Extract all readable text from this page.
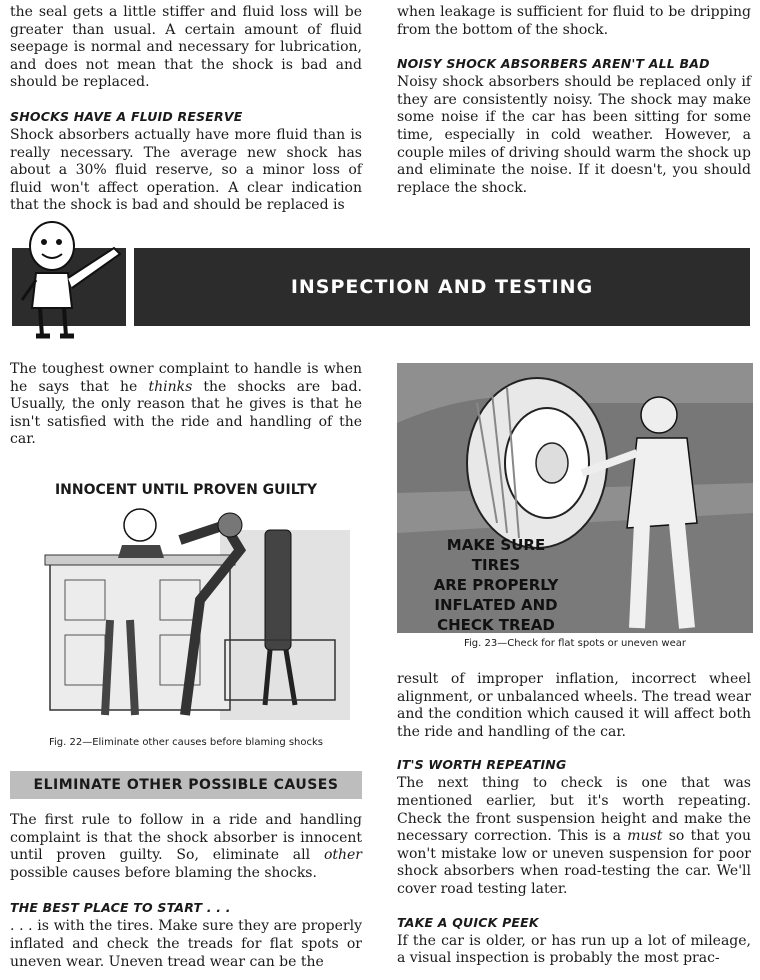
the seal gets a little stiffer and fluid loss will be greater than usual. A certain amount of fluid seepage is normal and necessary for lubrication, and does not mean that the shock is bad and should be replaced.

SHOCKS HAVE A FLUID RESERVE

Shock absorbers actually have more fluid than is really necessary. The average new shock has about a 30% fluid reserve, so a minor loss of fluid won't affect operation. A clear indication that the shock is bad and should be replaced is

when leakage is sufficient for fluid to be dripping from the bottom of the shock.

NOISY SHOCK ABSORBERS AREN'T ALL BAD

Noisy shock absorbers should be replaced only if they are consistently noisy. The shock may make some noise if the car has been sitting for some time, especially in cold weather. However, a couple miles of driving should warm the shock up and eliminate the noise. If it doesn't, you should replace the shock.

INSPECTION AND TESTING

The toughest owner complaint to handle is when he says that he thinks the shocks are bad. Usually, the only reason that he gives is that he isn't satisfied with the ride and handling of the car.

INNOCENT UNTIL PROVEN GUILTY
Fig. 22—Eliminate other causes before blaming shocks
MAKE SURE TIRES
ARE PROPERLY
INFLATED AND
CHECK TREAD
Fig. 23—Check for flat spots or uneven wear
ELIMINATE OTHER POSSIBLE CAUSES

The first rule to follow in a ride and handling complaint is that the shock absorber is innocent until proven guilty. So, eliminate all other possible causes before blaming the shocks.

THE BEST PLACE TO START . . .

. . . is with the tires. Make sure they are properly inflated and check the treads for flat spots or uneven wear. Uneven tread wear can be the

result of improper inflation, incorrect wheel alignment, or unbalanced wheels. The tread wear and the condition which caused it will affect both the ride and handling of the car.

IT'S WORTH REPEATING

The next thing to check is one that was mentioned earlier, but it's worth repeating. Check the front suspension height and make the necessary correction. This is a must so that you won't mistake low or uneven suspension for poor shock absorbers when road-testing the car. We'll cover road testing later.

TAKE A QUICK PEEK

If the car is older, or has run up a lot of mileage, a visual inspection is probably the most prac-
